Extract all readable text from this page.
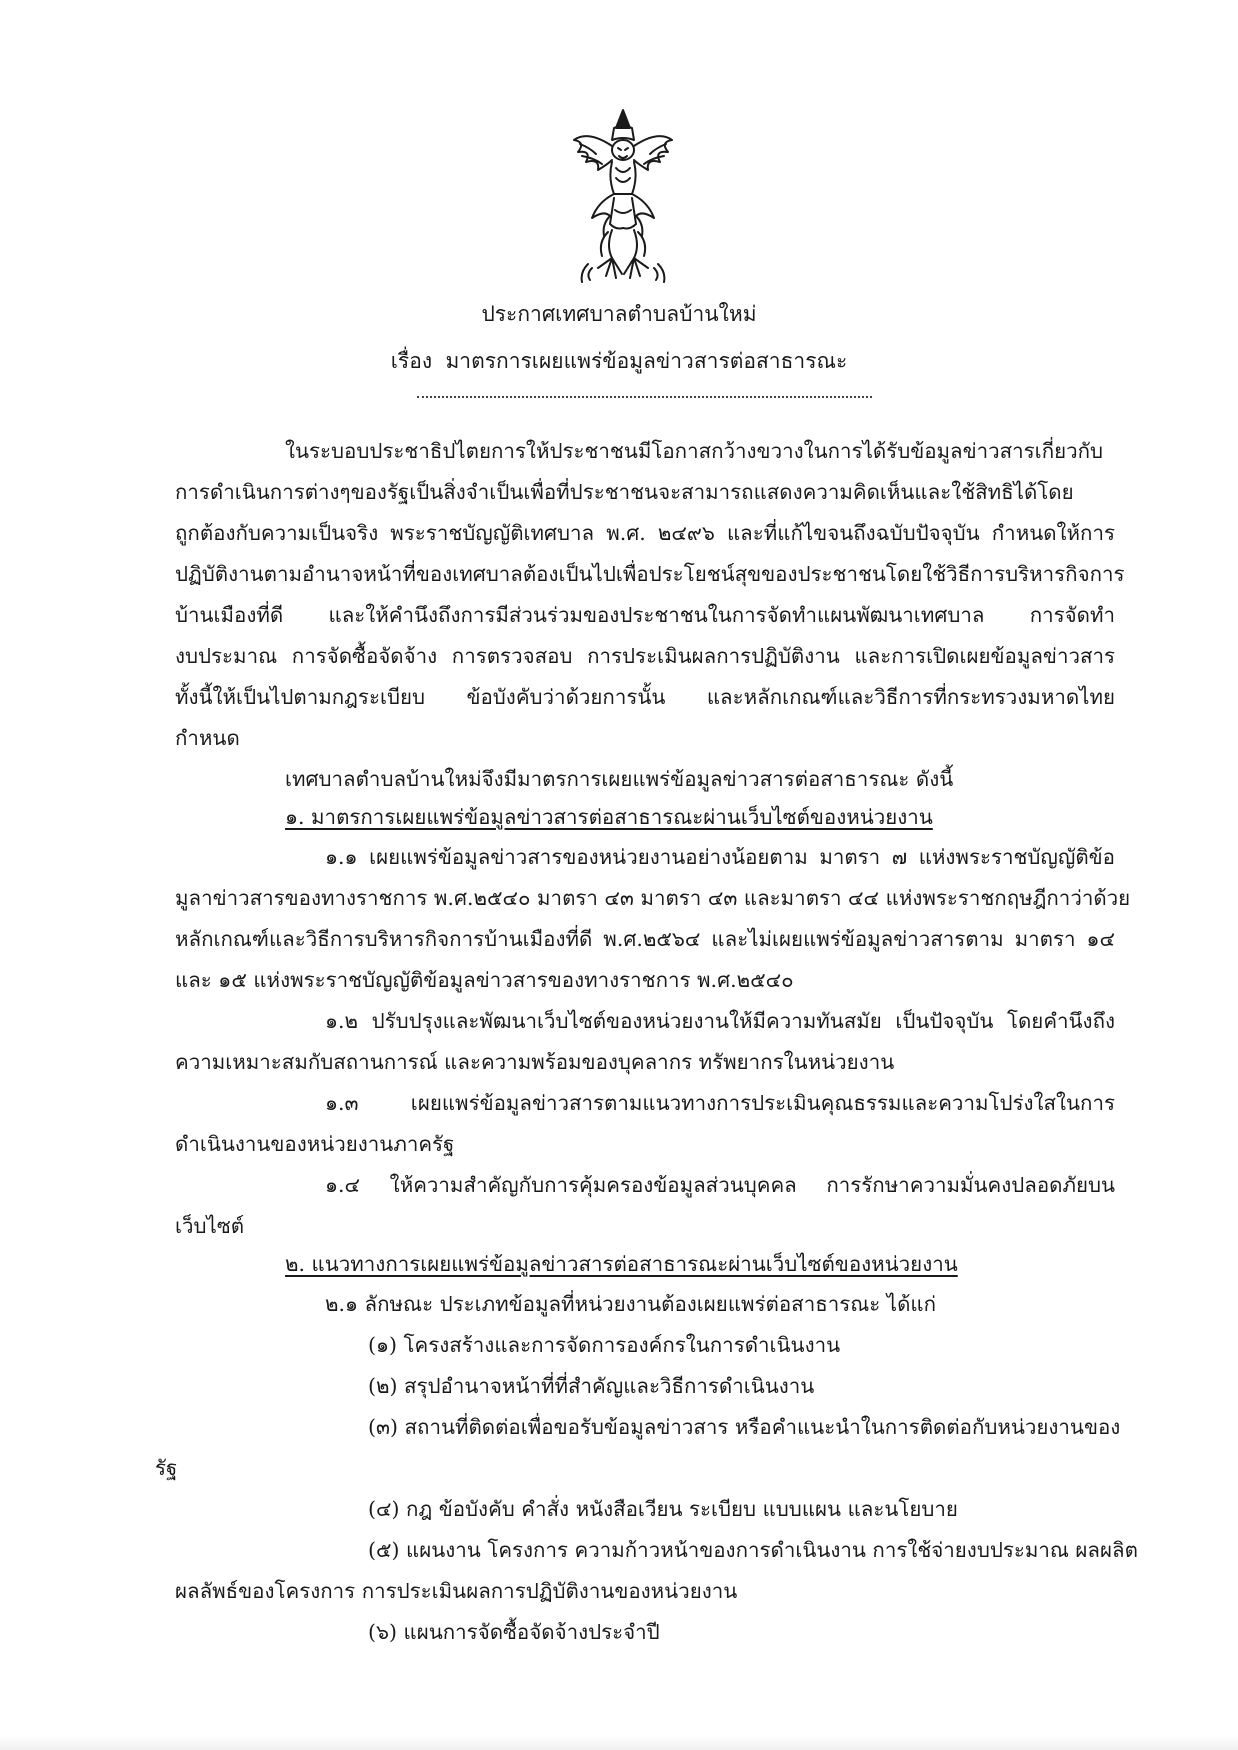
ประกาศเทศบาลตำบลบ้านใหม่
เรื่อง มาตรการเผยแพร่ข้อมูลข่าวสารต่อสาธารณะ
ในระบอบประชาธิปไตยการให้ประชาชนมีโอกาสกว้างขวางในการได้รับข้อมูลข่าวสารเกี่ยวกับ
การดำเนินการต่างๆของรัฐเป็นสิ่งจำเป็นเพื่อที่ประชาชนจะสามารถแสดงความคิดเห็นและใช้สิทธิได้โดย
ถูกต้องกับความเป็นจริง พระราชบัญญัติเทศบาล พ.ศ. ๒๔๙๖ และที่แก้ไขจนถึงฉบับปัจจุบัน กำหนดให้การ
ปฏิบัติงานตามอำนาจหน้าที่ของเทศบาลต้องเป็นไปเพื่อประโยชน์สุขของประชาชนโดยใช้วิธีการบริหารกิจการ
บ้านเมืองที่ดี และให้คำนึงถึงการมีส่วนร่วมของประชาชนในการจัดทำแผนพัฒนาเทศบาล การจัดทำ
งบประมาณ การจัดซื้อจัดจ้าง การตรวจสอบ การประเมินผลการปฏิบัติงาน และการเปิดเผยข้อมูลข่าวสาร
ทั้งนี้ให้เป็นไปตามกฎระเบียบ ข้อบังคับว่าด้วยการนั้น และหลักเกณฑ์และวิธีการที่กระทรวงมหาดไทย
กำหนด
เทศบาลตำบลบ้านใหม่จึงมีมาตรการเผยแพร่ข้อมูลข่าวสารต่อสาธารณะ ดังนี้
๑. มาตรการเผยแพร่ข้อมูลข่าวสารต่อสาธารณะผ่านเว็บไซต์ของหน่วยงาน
๑.๑ เผยแพร่ข้อมูลข่าวสารของหน่วยงานอย่างน้อยตาม มาตรา ๗ แห่งพระราชบัญญัติข้อ
มูลาข่าวสารของทางราชการ พ.ศ.๒๕๔๐ มาตรา ๔๓ มาตรา ๔๓ และมาตรา ๔๔ แห่งพระราชกฤษฎีกาว่าด้วย
หลักเกณฑ์และวิธีการบริหารกิจการบ้านเมืองที่ดี พ.ศ.๒๕๖๔ และไม่เผยแพร่ข้อมูลข่าวสารตาม มาตรา ๑๔
และ ๑๕ แห่งพระราชบัญญัติข้อมูลข่าวสารของทางราชการ พ.ศ.๒๕๔๐
๑.๒ ปรับปรุงและพัฒนาเว็บไซต์ของหน่วยงานให้มีความทันสมัย เป็นปัจจุบัน โดยคำนึงถึง
ความเหมาะสมกับสถานการณ์ และความพร้อมของบุคลากร ทรัพยากรในหน่วยงาน
๑.๓ เผยแพร่ข้อมูลข่าวสารตามแนวทางการประเมินคุณธรรมและความโปร่งใสในการ
ดำเนินงานของหน่วยงานภาครัฐ
๑.๔ ให้ความสำคัญกับการคุ้มครองข้อมูลส่วนบุคคล การรักษาความมั่นคงปลอดภัยบน
เว็บไซต์
๒. แนวทางการเผยแพร่ข้อมูลข่าวสารต่อสาธารณะผ่านเว็บไซต์ของหน่วยงาน
๒.๑ ลักษณะ ประเภทข้อมูลที่หน่วยงานต้องเผยแพร่ต่อสาธารณะ ได้แก่
(๑) โครงสร้างและการจัดการองค์กรในการดำเนินงาน
(๒) สรุปอำนาจหน้าที่ที่สำคัญและวิธีการดำเนินงาน
(๓) สถานที่ติดต่อเพื่อขอรับข้อมูลข่าวสาร หรือคำแนะนำในการติดต่อกับหน่วยงานของ
รัฐ
(๔) กฎ ข้อบังคับ คำสั่ง หนังสือเวียน ระเบียบ แบบแผน และนโยบาย
(๕) แผนงาน โครงการ ความก้าวหน้าของการดำเนินงาน การใช้จ่ายงบประมาณ ผลผลิต
ผลลัพธ์ของโครงการ การประเมินผลการปฏิบัติงานของหน่วยงาน
(๖) แผนการจัดซื้อจัดจ้างประจำปี
